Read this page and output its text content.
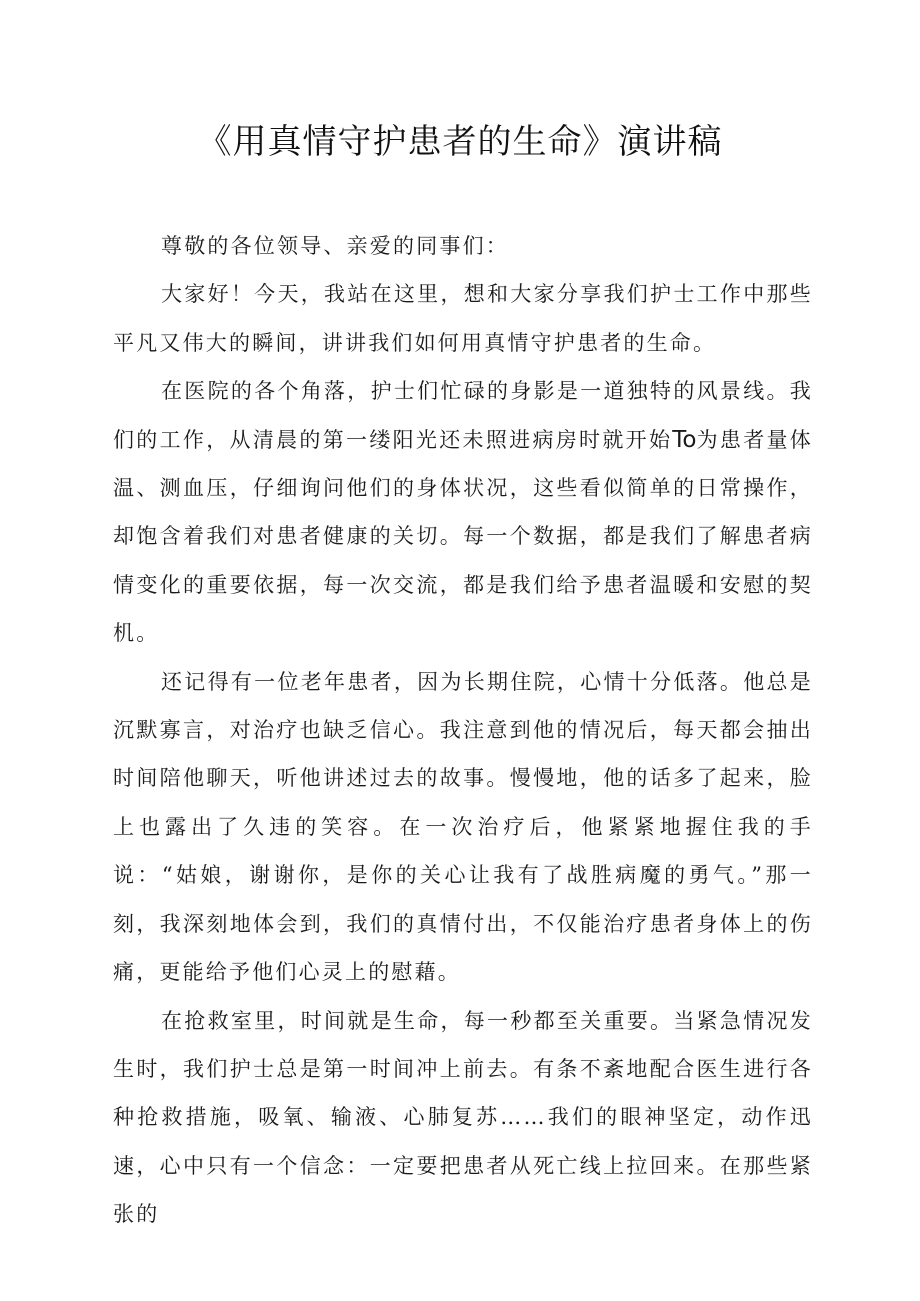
《用真情守护患者的生命》演讲稿

尊敬的各位领导、亲爱的同事们：

大家好！今天，我站在这里，想和大家分享我们护士工作中那些平凡又伟大的瞬间，讲讲我们如何用真情守护患者的生命。

在医院的各个角落，护士们忙碌的身影是一道独特的风景线。我们的工作，从清晨的第一缕阳光还未照进病房时就开始To为患者量体温、测血压，仔细询问他们的身体状况，这些看似简单的日常操作，却饱含着我们对患者健康的关切。每一个数据，都是我们了解患者病情变化的重要依据，每一次交流，都是我们给予患者温暖和安慰的契机。

还记得有一位老年患者，因为长期住院，心情十分低落。他总是沉默寡言，对治疗也缺乏信心。我注意到他的情况后，每天都会抽出时间陪他聊天，听他讲述过去的故事。慢慢地，他的话多了起来，脸上也露出了久违的笑容。在一次治疗后，他紧紧地握住我的手说：“姑娘，谢谢你，是你的关心让我有了战胜病魔的勇气。”那一刻，我深刻地体会到，我们的真情付出，不仅能治疗患者身体上的伤痛，更能给予他们心灵上的慰藉。

在抢救室里，时间就是生命，每一秒都至关重要。当紧急情况发生时，我们护士总是第一时间冲上前去。有条不紊地配合医生进行各种抢救措施，吸氧、输液、心肺复苏……我们的眼神坚定，动作迅速，心中只有一个信念：一定要把患者从死亡线上拉回来。在那些紧张的
